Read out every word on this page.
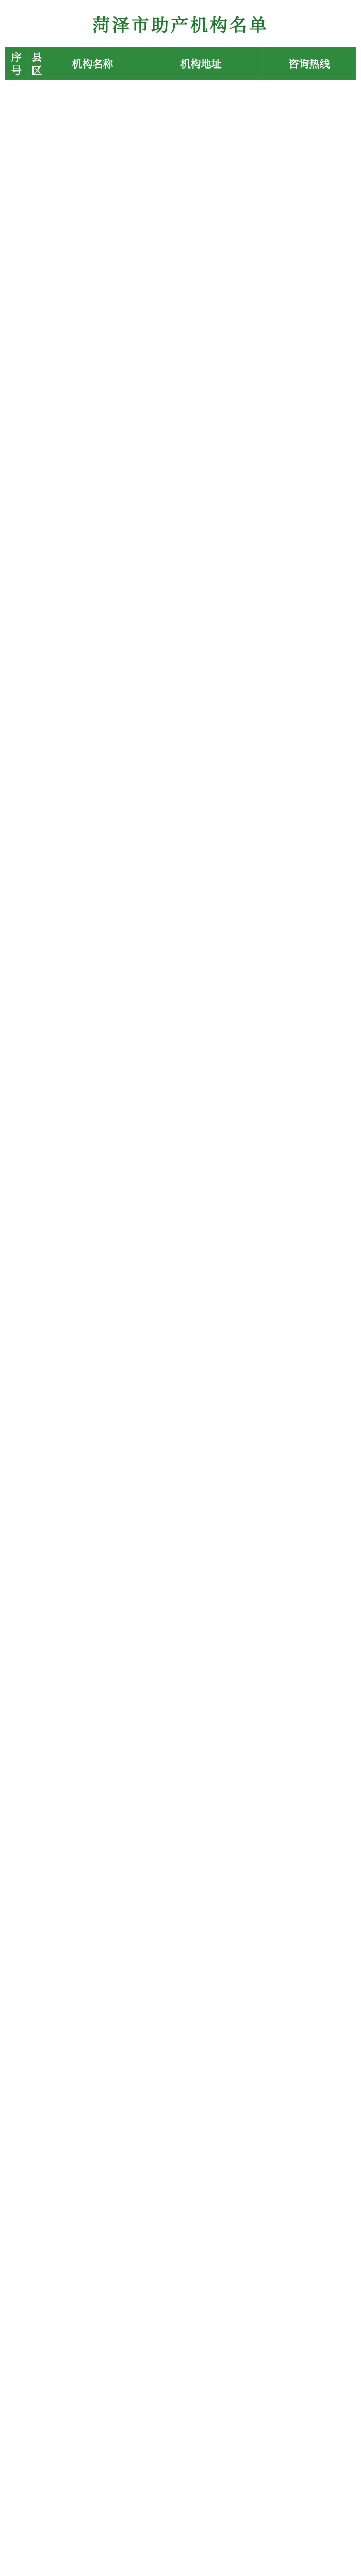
菏泽市助产机构名单
序号	县区	机构名称	机构地址	咨询热线
